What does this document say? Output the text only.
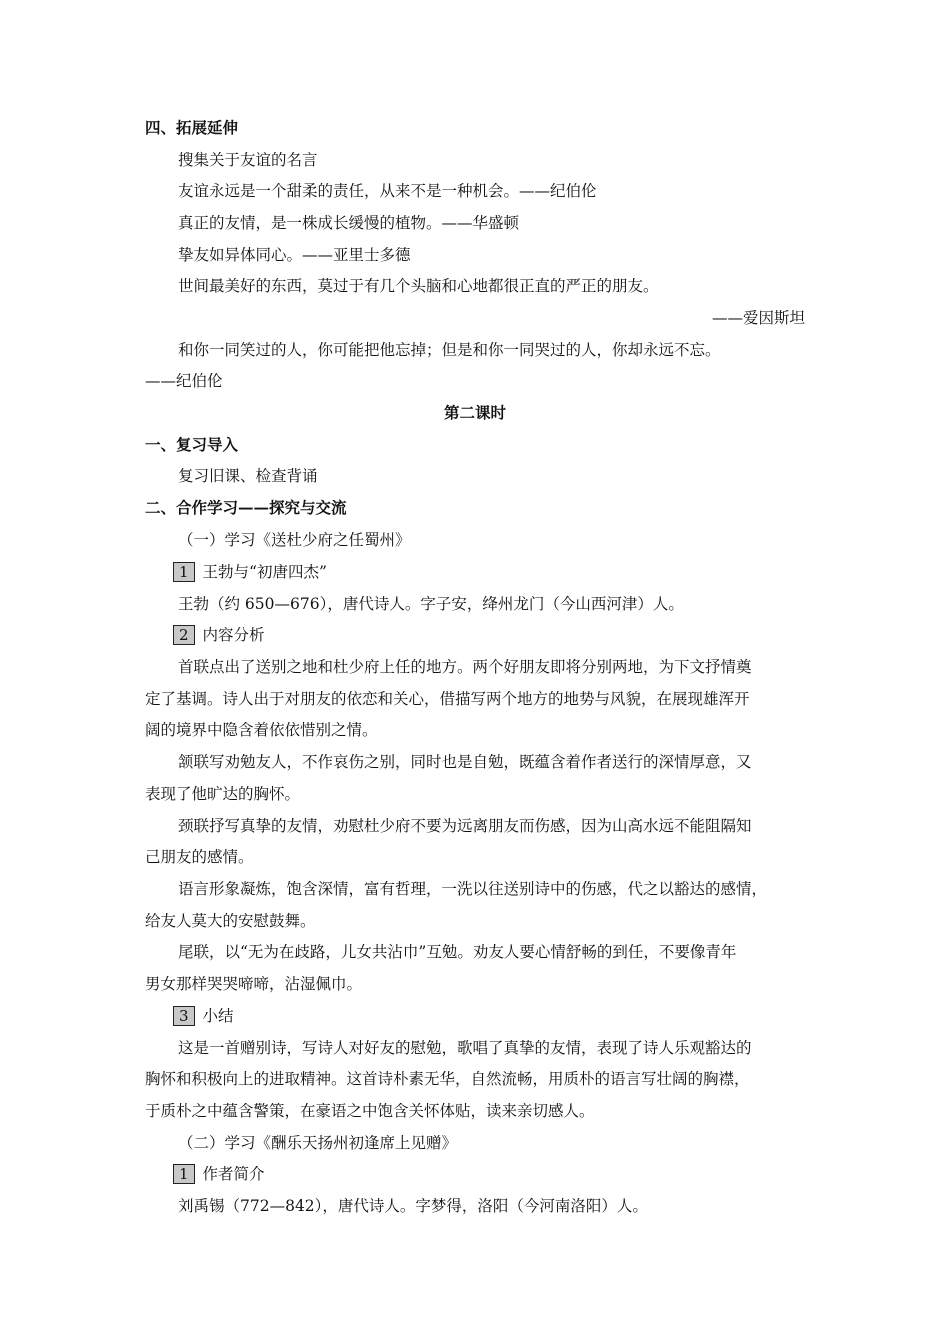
四、拓展延伸
搜集关于友谊的名言
友谊永远是一个甜柔的责任，从来不是一种机会。——纪伯伦
真正的友情，是一株成长缓慢的植物。——华盛顿
挚友如异体同心。——亚里士多德
世间最美好的东西，莫过于有几个头脑和心地都很正直的严正的朋友。
——爱因斯坦
和你一同笑过的人，你可能把他忘掉；但是和你一同哭过的人，你却永远不忘。
——纪伯伦
第二课时
一、复习导入
复习旧课、检查背诵
二、合作学习——探究与交流
（一）学习《送杜少府之任蜀州》
1 王勃与“初唐四杰”
王勃（约 650—676），唐代诗人。字子安，绛州龙门（今山西河津）人。
2 内容分析
首联点出了送别之地和杜少府上任的地方。两个好朋友即将分别两地，为下文抒情奠
定了基调。诗人出于对朋友的依恋和关心，借描写两个地方的地势与风貌，在展现雄浑开
阔的境界中隐含着依依惜别之情。
颔联写劝勉友人，不作哀伤之别，同时也是自勉，既蕴含着作者送行的深情厚意，又
表现了他旷达的胸怀。
颈联抒写真挚的友情，劝慰杜少府不要为远离朋友而伤感，因为山高水远不能阻隔知
己朋友的感情。
语言形象凝炼，饱含深情，富有哲理，一洗以往送别诗中的伤感，代之以豁达的感情，
给友人莫大的安慰鼓舞。
尾联，以“无为在歧路，儿女共沾巾”互勉。劝友人要心情舒畅的到任，不要像青年
男女那样哭哭啼啼，沾湿佩巾。
3 小结
这是一首赠别诗，写诗人对好友的慰勉，歌唱了真挚的友情，表现了诗人乐观豁达的
胸怀和积极向上的进取精神。这首诗朴素无华，自然流畅，用质朴的语言写壮阔的胸襟，
于质朴之中蕴含警策，在豪语之中饱含关怀体贴，读来亲切感人。
（二）学习《酬乐天扬州初逢席上见赠》
1 作者简介
刘禹锡（772—842），唐代诗人。字梦得，洛阳（今河南洛阳）人。
